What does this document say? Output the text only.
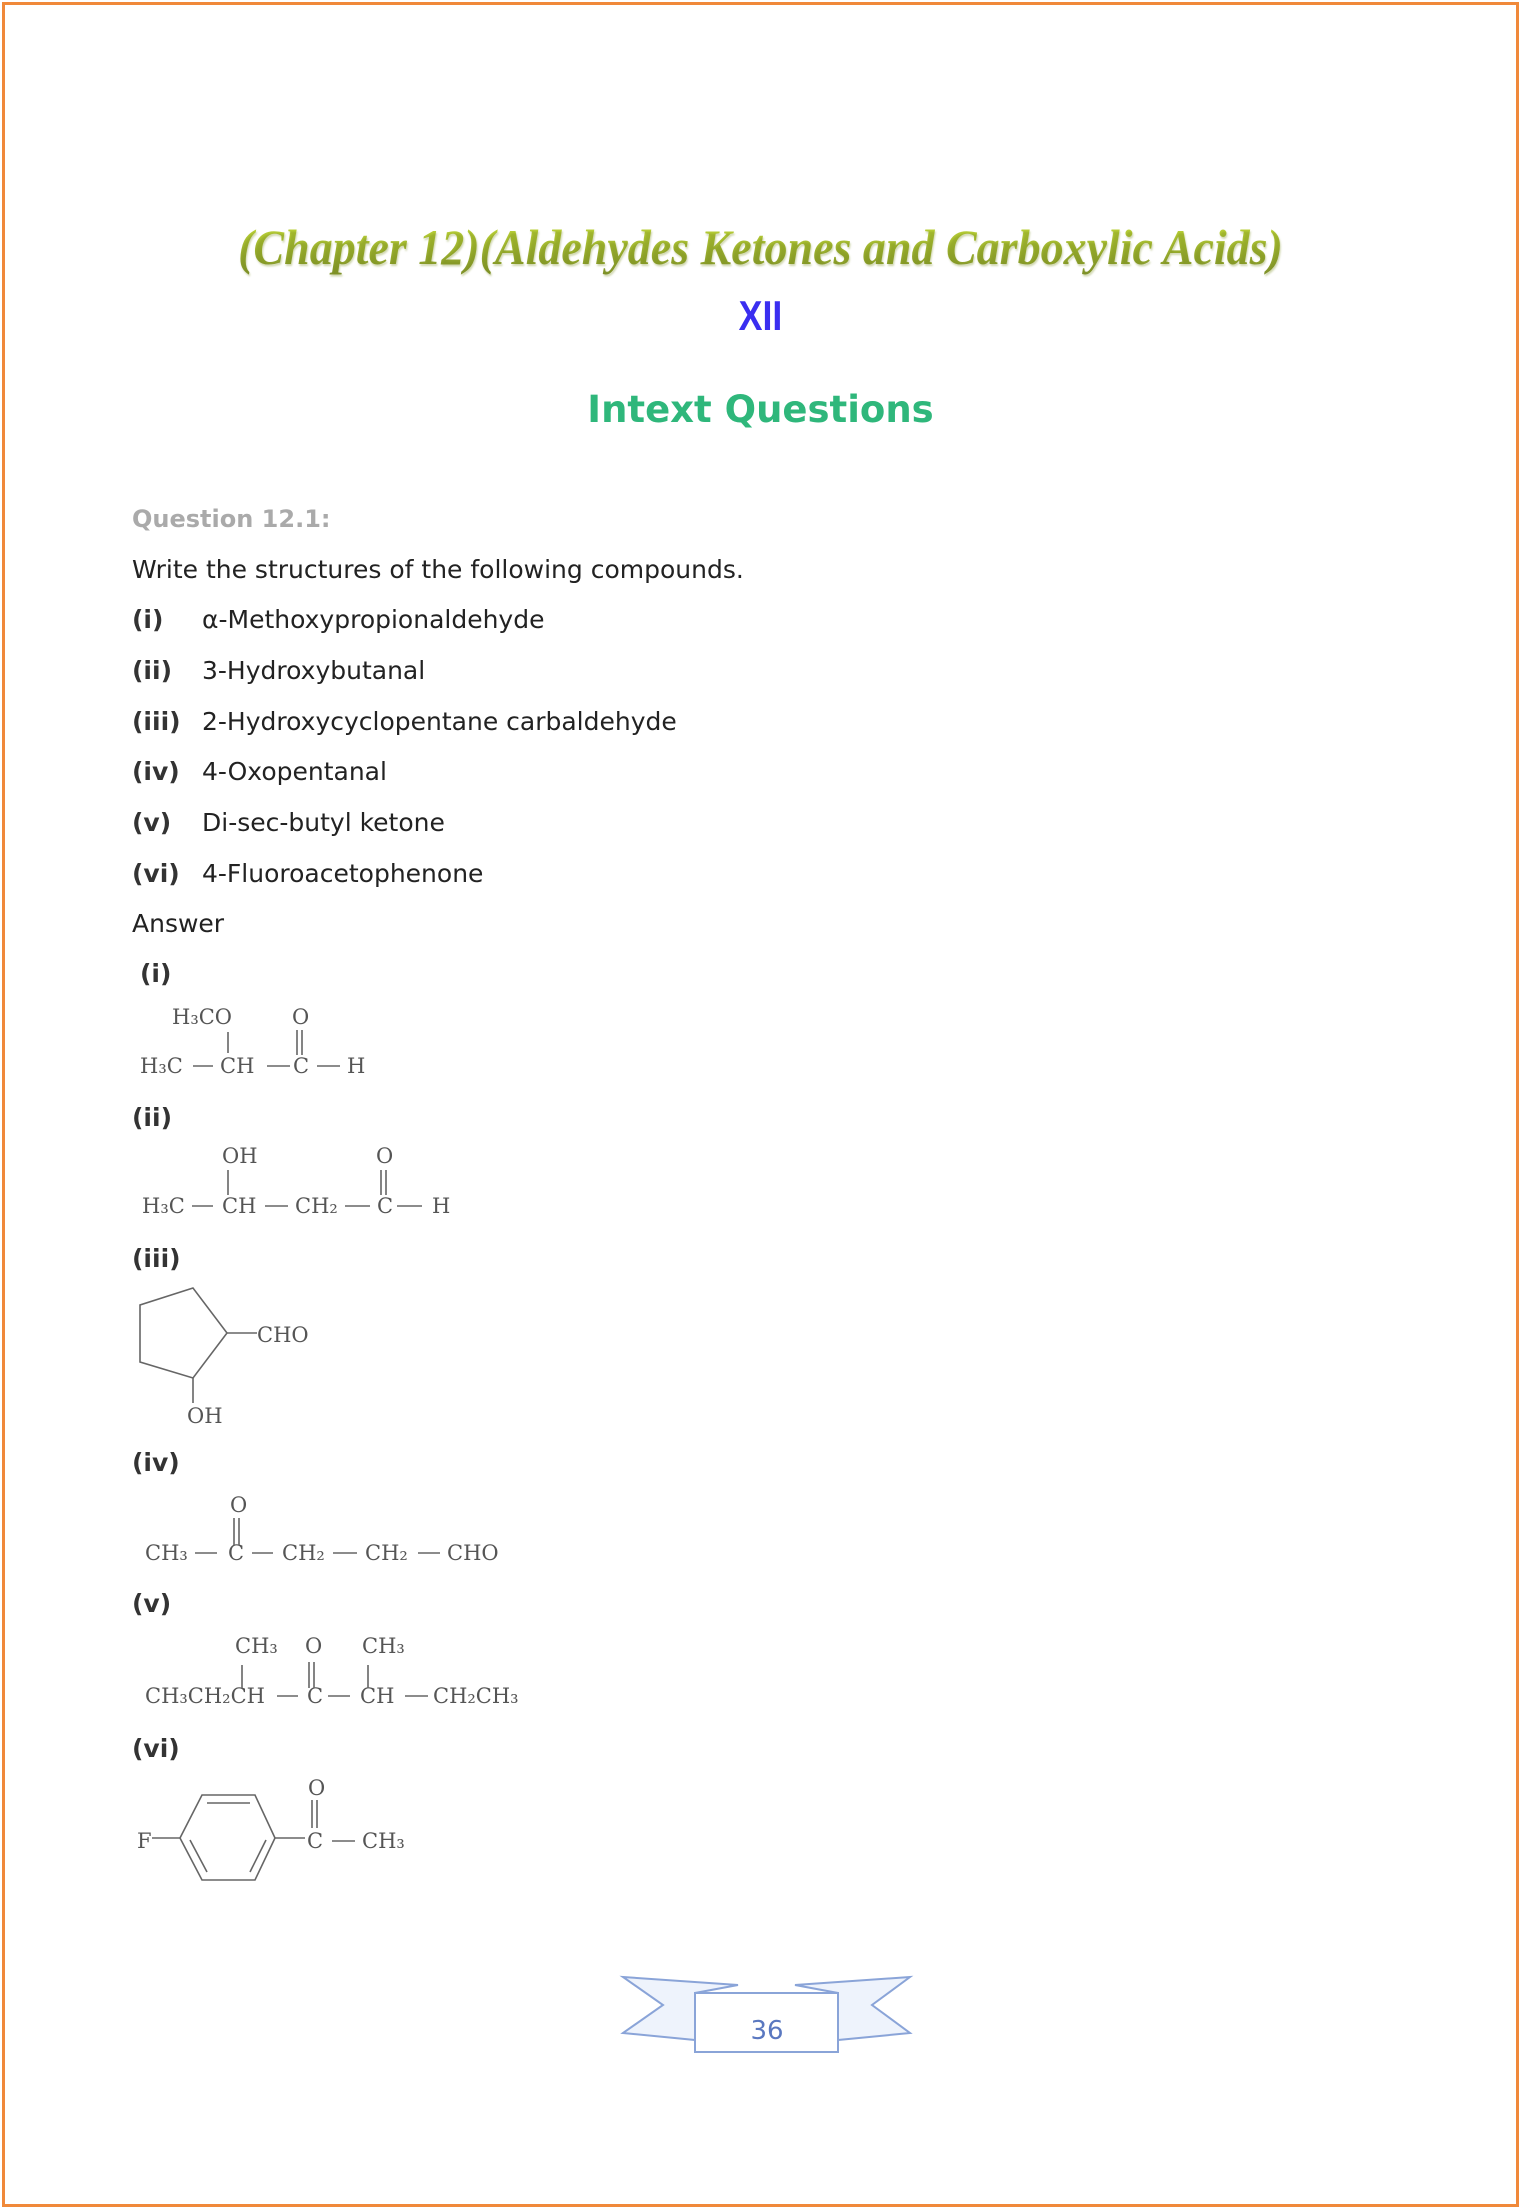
(Chapter 12)(Aldehydes Ketones and Carboxylic Acids)
XII
Intext Questions
Question 12.1:
Write the structures of the following compounds.
(i) α-Methoxypropionaldehyde
(ii) 3-Hydroxybutanal
(iii) 2-Hydroxycyclopentane carbaldehyde
(iv) 4-Oxopentanal
(v) Di-sec-butyl ketone
(vi) 4-Fluoroacetophenone
Answer
(i)
(ii)
(iii)
(iv)
(v)
(vi)
H₃CO	O
H₃C CH C H
OH	O
H₃C CH CH₂ C H
CHO
OH
O
CH₃ C CH₂ CH₂ CHO
CH₃ O CH₃
CH₃CH₂CH C CH CH₂CH₃
F
O
C CH₃
36
